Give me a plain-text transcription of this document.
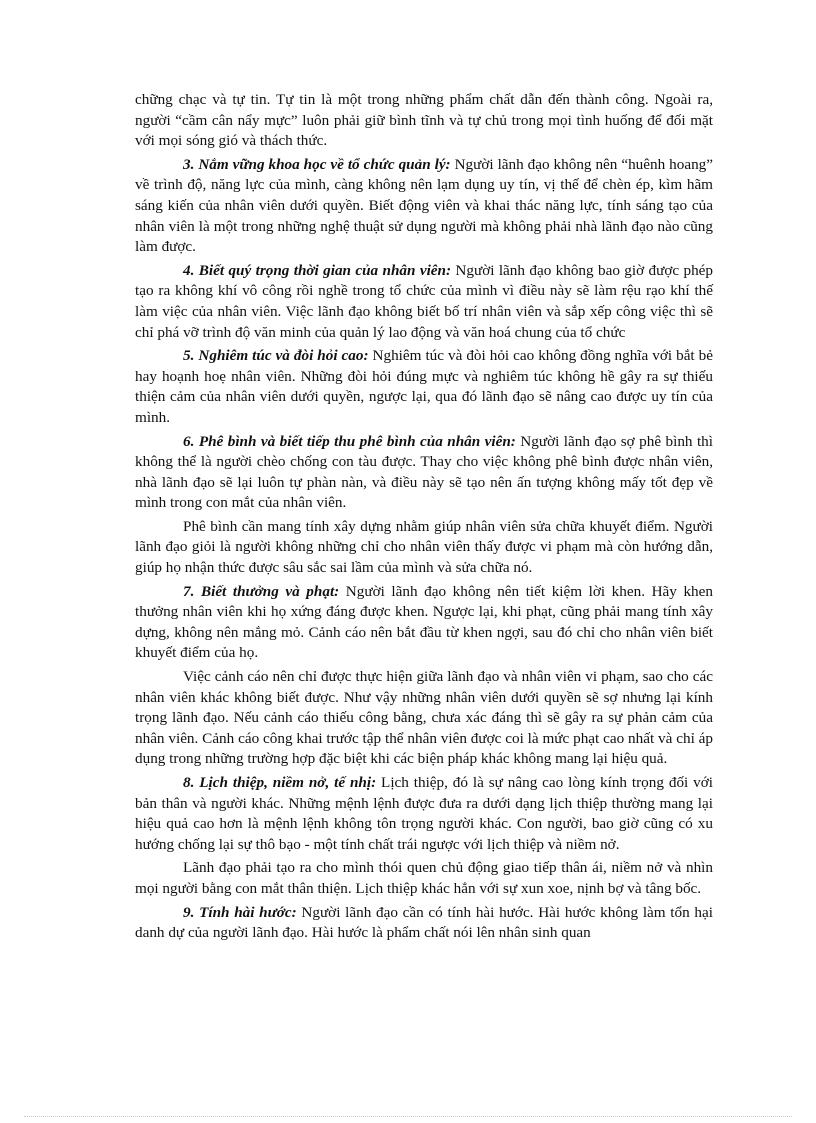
chững chạc và tự tin. Tự tin là một trong những phẩm chất dẫn đến thành công. Ngoài ra, người “cầm cân nẩy mực” luôn phải giữ bình tĩnh và tự chủ trong mọi tình huống để đối mặt với mọi sóng gió và thách thức.

3. Nắm vững khoa học về tổ chức quản lý: Người lãnh đạo không nên “huênh hoang” về trình độ, năng lực của mình, càng không nên lạm dụng uy tín, vị thế để chèn ép, kìm hãm sáng kiến của nhân viên dưới quyền. Biết động viên và khai thác năng lực, tính sáng tạo của nhân viên là một trong những nghệ thuật sử dụng người mà không phải nhà lãnh đạo nào cũng làm được.

4. Biết quý trọng thời gian của nhân viên: Người lãnh đạo không bao giờ được phép tạo ra không khí vô công rồi nghề trong tổ chức của mình vì điều này sẽ làm rệu rạo khí thế làm việc của nhân viên. Việc lãnh đạo không biết bố trí nhân viên và sắp xếp công việc thì sẽ chỉ phá vỡ trình độ văn minh của quản lý lao động và văn hoá chung của tổ chức

5. Nghiêm túc và đòi hỏi cao: Nghiêm túc và đòi hỏi cao không đồng nghĩa với bắt bẻ hay hoạnh hoẹ nhân viên. Những đòi hỏi đúng mực và nghiêm túc không hề gây ra sự thiếu thiện cảm của nhân viên dưới quyền, ngược lại, qua đó lãnh đạo sẽ nâng cao được uy tín của mình.

6. Phê bình và biết tiếp thu phê bình của nhân viên: Người lãnh đạo sợ phê bình thì không thể là người chèo chống con tàu được. Thay cho việc không phê bình được nhân viên, nhà lãnh đạo sẽ lại luôn tự phàn nàn, và điều này sẽ tạo nên ấn tượng không mấy tốt đẹp về mình trong con mắt của nhân viên.

Phê bình cần mang tính xây dựng nhằm giúp nhân viên sửa chữa khuyết điểm. Người lãnh đạo giỏi là người không những chỉ cho nhân viên thấy được vi phạm mà còn hướng dẫn, giúp họ nhận thức được sâu sắc sai lầm của mình và sửa chữa nó.

7. Biết thưởng và phạt: Người lãnh đạo không nên tiết kiệm lời khen. Hãy khen thưởng nhân viên khi họ xứng đáng được khen. Ngược lại, khi phạt, cũng phải mang tính xây dựng, không nên mắng mỏ. Cảnh cáo nên bắt đầu từ khen ngợi, sau đó chỉ cho nhân viên biết khuyết điểm của họ.

Việc cảnh cáo nên chỉ được thực hiện giữa lãnh đạo và nhân viên vi phạm, sao cho các nhân viên khác không biết được. Như vậy những nhân viên dưới quyền sẽ sợ nhưng lại kính trọng lãnh đạo. Nếu cảnh cáo thiếu công bằng, chưa xác đáng thì sẽ gây ra sự phản cảm của nhân viên. Cảnh cáo công khai trước tập thể nhân viên được coi là mức phạt cao nhất và chỉ áp dụng trong những trường hợp đặc biệt khi các biện pháp khác không mang lại hiệu quả.

8. Lịch thiệp, niềm nở, tế nhị: Lịch thiệp, đó là sự nâng cao lòng kính trọng đối với bản thân và người khác. Những mệnh lệnh được đưa ra dưới dạng lịch thiệp thường mang lại hiệu quả cao hơn là mệnh lệnh không tôn trọng người khác. Con người, bao giờ cũng có xu hướng chống lại sự thô bạo - một tính chất trái ngược với lịch thiệp và niềm nở.

Lãnh đạo phải tạo ra cho mình thói quen chủ động giao tiếp thân ái, niềm nở và nhìn mọi người bằng con mắt thân thiện. Lịch thiệp khác hẳn với sự xun xoe, nịnh bợ và tâng bốc.

9. Tính hài hước: Người lãnh đạo cần có tính hài hước. Hài hước không làm tổn hại danh dự của người lãnh đạo. Hài hước là phẩm chất nói lên nhân sinh quan
